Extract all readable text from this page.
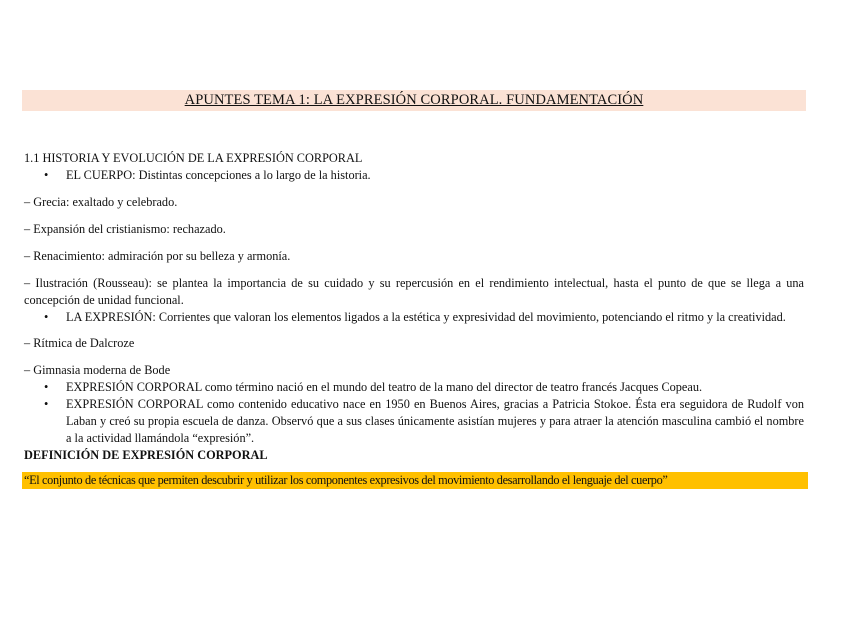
APUNTES TEMA 1: LA EXPRESIÓN CORPORAL. FUNDAMENTACIÓN

1.1 HISTORIA Y EVOLUCIÓN DE LA EXPRESIÓN CORPORAL

• EL CUERPO: Distintas concepciones a lo largo de la historia.

– Grecia: exaltado y celebrado.

– Expansión del cristianismo: rechazado.

– Renacimiento: admiración por su belleza y armonía.

– Ilustración (Rousseau): se plantea la importancia de su cuidado y su repercusión en el rendimiento intelectual, hasta el punto de que se llega a una concepción de unidad funcional.

• LA EXPRESIÓN: Corrientes que valoran los elementos ligados a la estética y expresividad del movimiento, potenciando el ritmo y la creatividad.

– Rítmica de Dalcroze

– Gimnasia moderna de Bode

• EXPRESIÓN CORPORAL como término nació en el mundo del teatro de la mano del director de teatro francés Jacques Copeau.
• EXPRESIÓN CORPORAL como contenido educativo nace en 1950 en Buenos Aires, gracias a Patricia Stokoe. Ésta era seguidora de Rudolf von Laban y creó su propia escuela de danza. Observó que a sus clases únicamente asistían mujeres y para atraer la atención masculina cambió el nombre a la actividad llamándola “expresión”.

DEFINICIÓN DE EXPRESIÓN CORPORAL

“El conjunto de técnicas que permiten descubrir y utilizar los componentes expresivos del movimiento desarrollando el lenguaje del cuerpo”
